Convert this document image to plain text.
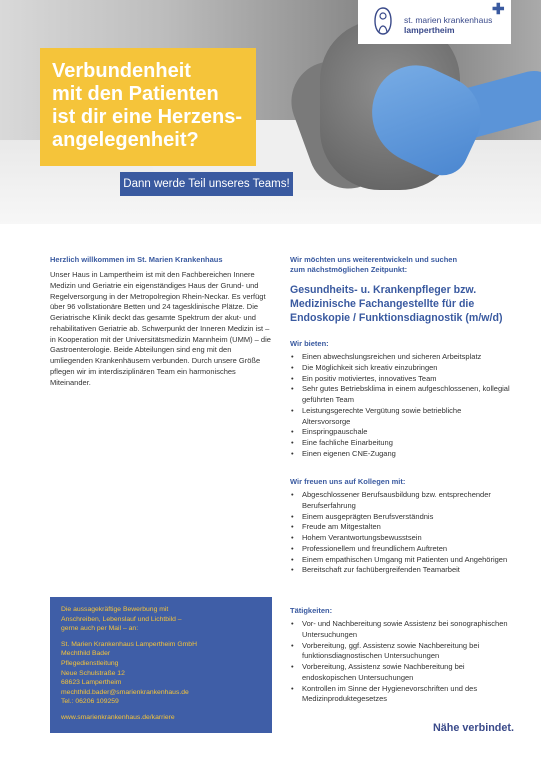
Verbundenheit
mit den Patienten
ist dir eine Herzens-
angelegenheit?
Dann werde Teil unseres Teams!
st. marien krankenhaus
lampertheim
✚
Herzlich willkommen im St. Marien Krankenhaus
Unser Haus in Lampertheim ist mit den Fachbereichen Innere Medizin und Geriatrie ein eigenständiges Haus der Grund- und Regelversorgung in der Metropolregion Rhein-Neckar. Es verfügt über 96 vollstationäre Betten und 24 tagesklinische Plätze. Die Geriatrische Klinik deckt das gesamte Spektrum der akut- und rehabilitativen Geriatrie ab. Schwerpunkt der Inneren Medizin ist – in Kooperation mit der Universitätsmedizin Mannheim (UMM) – die Gastroenterologie. Beide Abteilungen sind eng mit den umliegenden Krankenhäusern verbunden. Durch unsere Größe pflegen wir im interdisziplinären Team ein harmonisches Miteinander.
Die aussagekräftige Bewerbung mit
Anschreiben, Lebenslauf und Lichtbild –
gerne auch per Mail – an:
St. Marien Krankenhaus Lampertheim GmbH
Mechthild Bader
Pflegedienstleitung
Neue Schulstraße 12
68623 Lampertheim
mechthild.bader@smarienkrankenhaus.de
Tel.: 06206 109259
www.smarienkrankenhaus.de/karriere
Wir möchten uns weiterentwickeln und suchen
zum nächstmöglichen Zeitpunkt:
Gesundheits- u. Krankenpfleger bzw.
Medizinische Fachangestellte für die
Endoskopie / Funktionsdiagnostik (m/w/d)
Wir bieten:
• Einen abwechslungsreichen und sicheren Arbeitsplatz
• Die Möglichkeit sich kreativ einzubringen
• Ein positiv motiviertes, innovatives Team
• Sehr gutes Betriebsklima in einem aufgeschlossenen, kollegial geführten Team
• Leistungsgerechte Vergütung sowie betriebliche Altersvorsorge
• Einspringpauschale
• Eine fachliche Einarbeitung
• Einen eigenen CNE-Zugang
Wir freuen uns auf Kollegen mit:
• Abgeschlossener Berufsausbildung bzw. entsprechender Berufserfahrung
• Einem ausgeprägten Berufsverständnis
• Freude am Mitgestalten
• Hohem Verantwortungsbewusstsein
• Professionellem und freundlichem Auftreten
• Einem empathischen Umgang mit Patienten und Angehörigen
• Bereitschaft zur fachübergreifenden Teamarbeit
Tätigkeiten:
• Vor- und Nachbereitung sowie Assistenz bei sonographischen Untersuchungen
• Vorbereitung, ggf. Assistenz sowie Nachbereitung bei funktionsdiagnostischen Untersuchungen
• Vorbereitung, Assistenz sowie Nachbereitung bei endoskopischen Untersuchungen
• Kontrollen im Sinne der Hygienevorschriften und des Medizinproduktegesetzes
Nähe verbindet.
